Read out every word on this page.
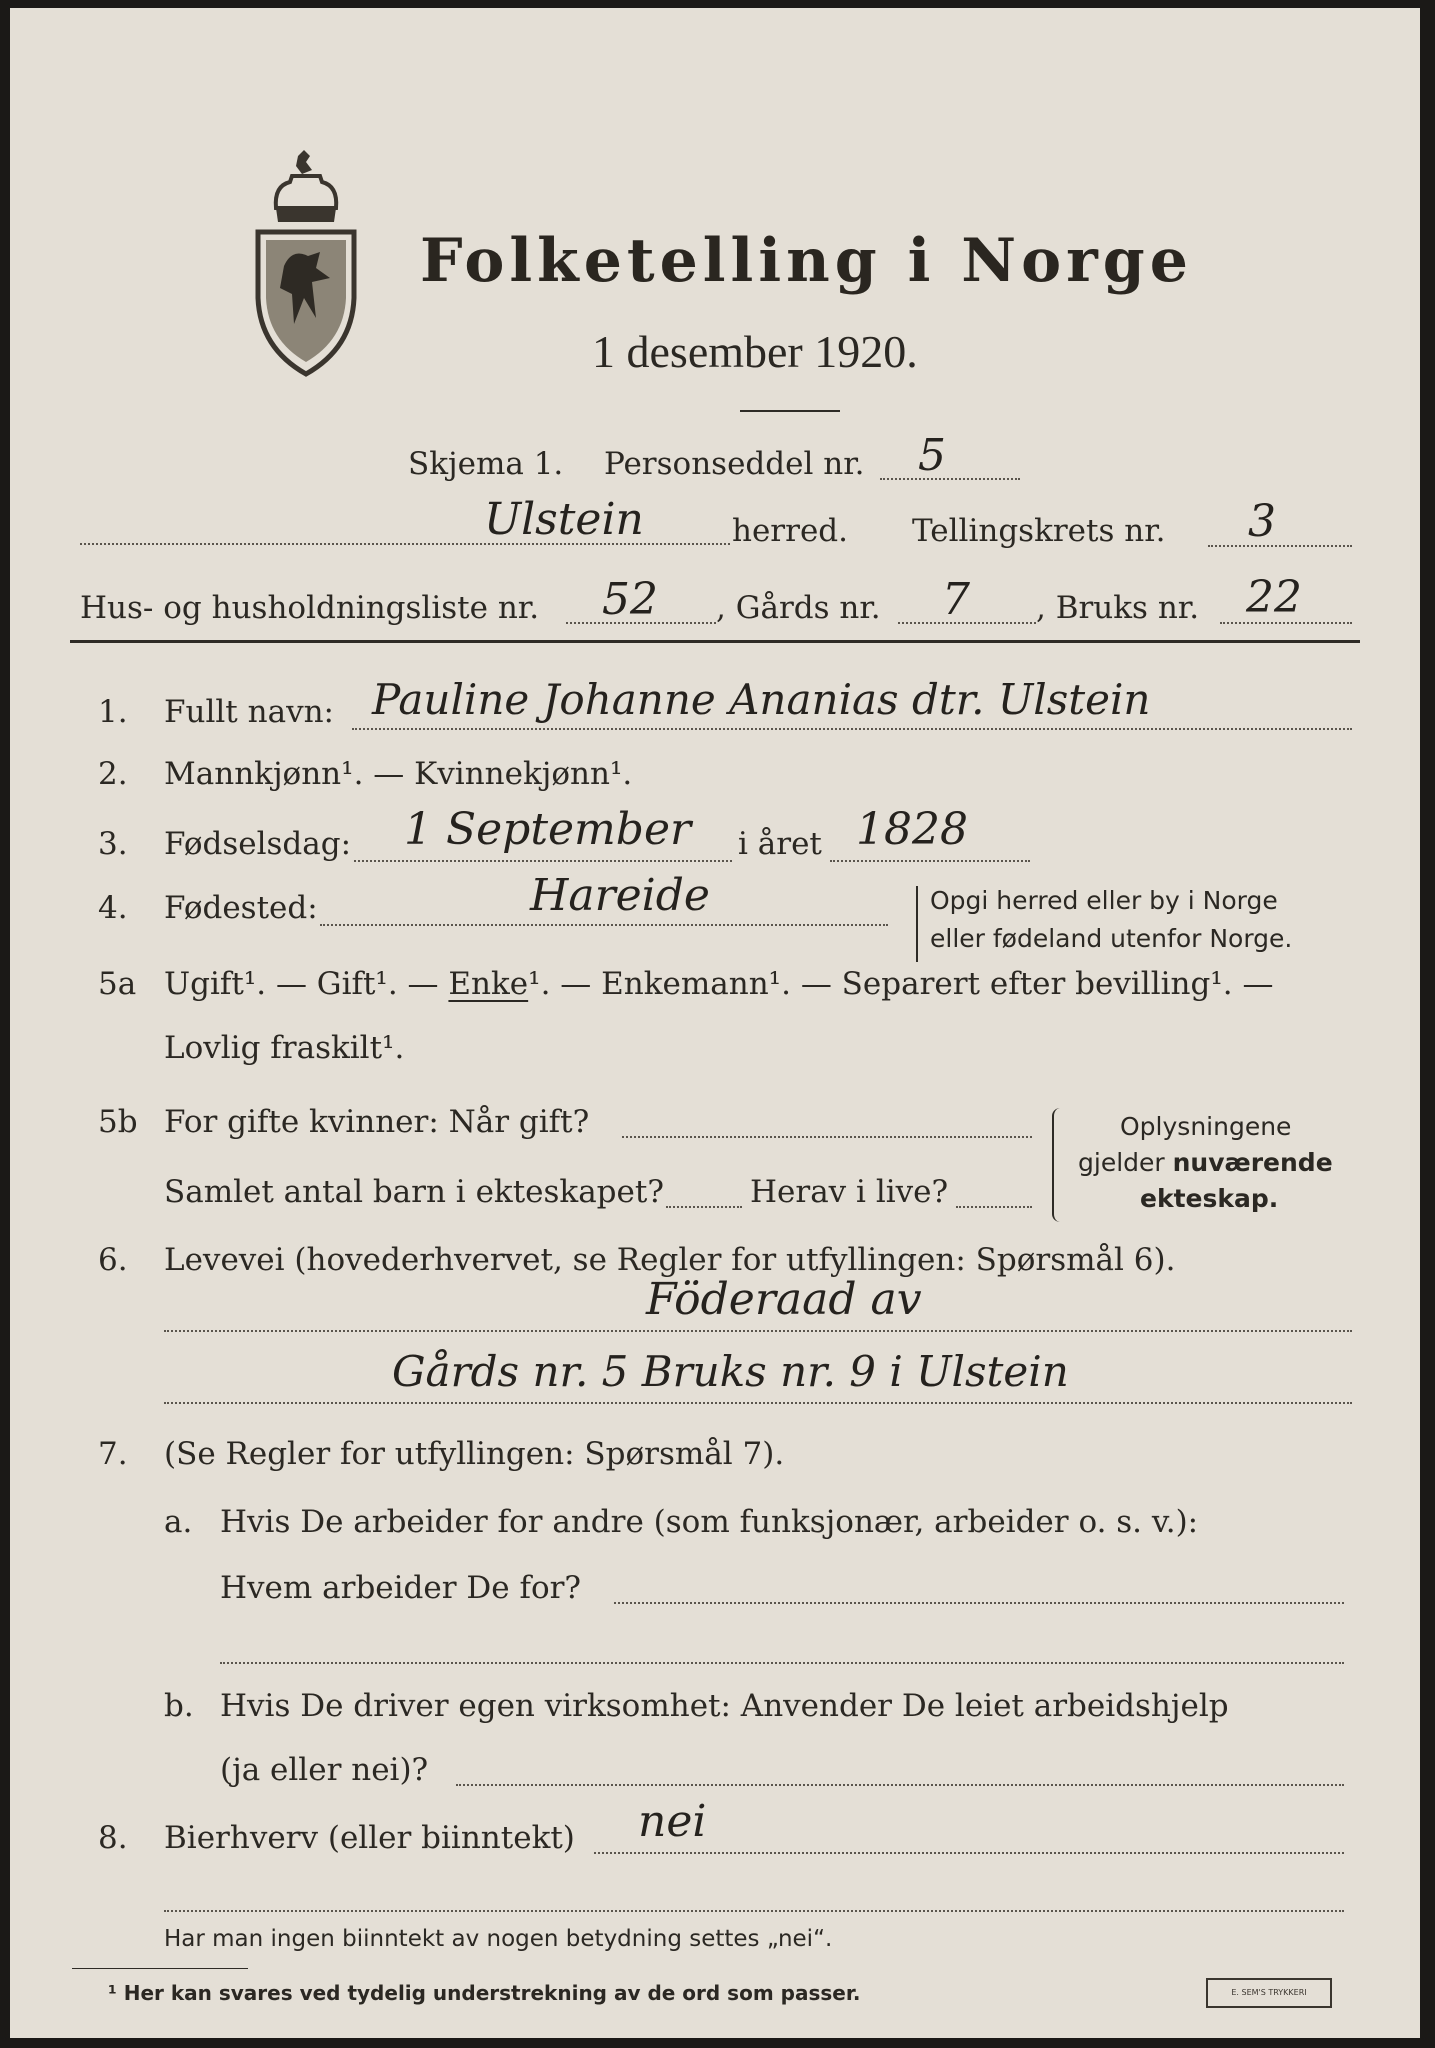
Folketelling i Norge
1 desember 1920.
Skjema 1. Personseddel nr. 5
Ulstein	herred. Tellingskrets nr. 3
Hus- og husholdningsliste nr. 52 , Gårds nr. 7 , Bruks nr. 22
1. Fullt navn: Pauline Johanne Ananias dtr. Ulstein
2. Mannkjønn¹. — Kvinnekjønn¹.
3. Fødselsdag: 1 September i året 1828
4. Fødested:	Hareide	Opgi herred eller by i Norge
eller fødeland utenfor Norge.
5a Ugift¹. — Gift¹. — Enke¹. — Enkemann¹. — Separert efter bevilling¹. —
Lovlig fraskilt¹.
5b For gifte kvinner: Når gift?
Samlet antal barn i ekteskapet?	Herav i live?
Oplysningene
gjelder nuværende
ekteskap.
6. Levevei (hovederhvervet, se Regler for utfyllingen: Spørsmål 6).
Föderaad av
Gårds nr. 5 Bruks nr. 9 i Ulstein
7. (Se Regler for utfyllingen: Spørsmål 7).
a. Hvis De arbeider for andre (som funksjonær, arbeider o. s. v.):
Hvem arbeider De for?
b. Hvis De driver egen virksomhet: Anvender De leiet arbeidshjelp
(ja eller nei)?
8. Bierhverv (eller biinntekt) nei
Har man ingen biinntekt av nogen betydning settes „nei“.
¹ Her kan svares ved tydelig understrekning av de ord som passer.	E. SEM'S TRYKKERI
